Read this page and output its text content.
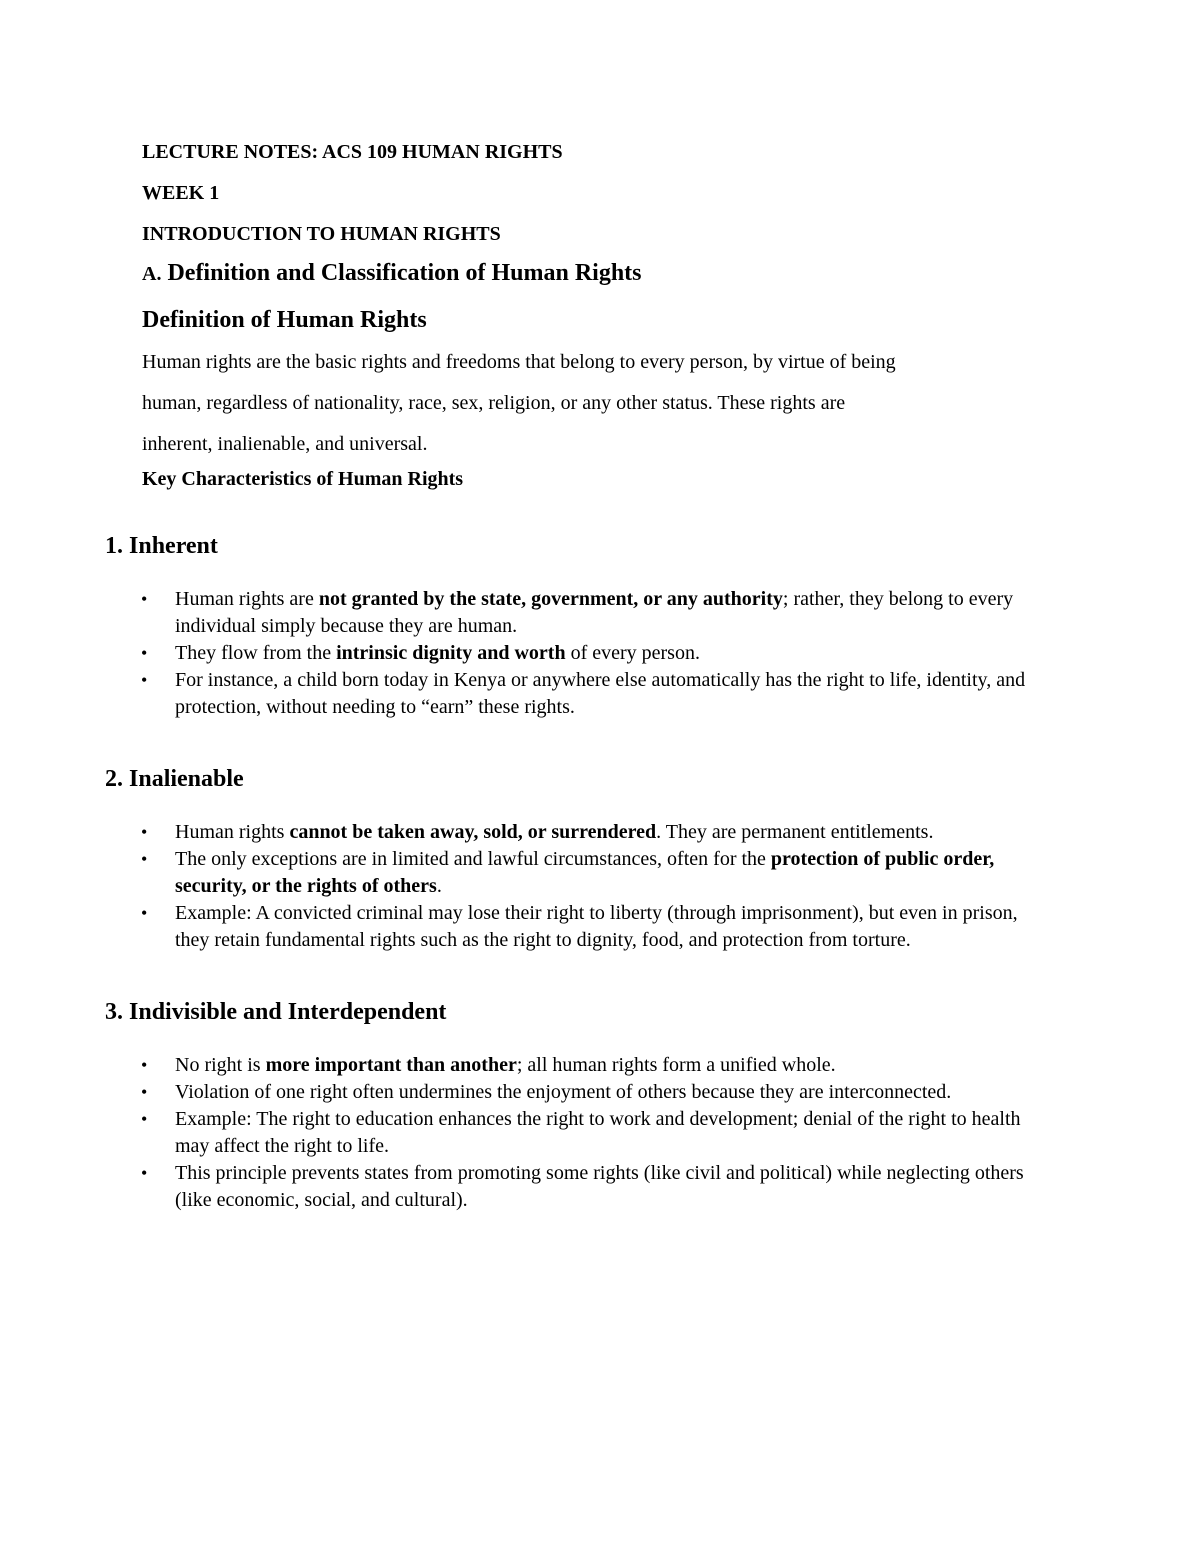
LECTURE NOTES: ACS 109 HUMAN RIGHTS
WEEK 1
INTRODUCTION TO HUMAN RIGHTS
A. Definition and Classification of Human Rights
Definition of Human Rights
Human rights are the basic rights and freedoms that belong to every person, by virtue of being
human, regardless of nationality, race, sex, religion, or any other status. These rights are
inherent, inalienable, and universal.
Key Characteristics of Human Rights
1. Inherent
• Human rights are not granted by the state, government, or any authority; rather, they belong to every individual simply because they are human.
• They flow from the intrinsic dignity and worth of every person.
• For instance, a child born today in Kenya or anywhere else automatically has the right to life, identity, and protection, without needing to “earn” these rights.
2. Inalienable
• Human rights cannot be taken away, sold, or surrendered. They are permanent entitlements.
• The only exceptions are in limited and lawful circumstances, often for the protection of public order, security, or the rights of others.
• Example: A convicted criminal may lose their right to liberty (through imprisonment), but even in prison, they retain fundamental rights such as the right to dignity, food, and protection from torture.
3. Indivisible and Interdependent
• No right is more important than another; all human rights form a unified whole.
• Violation of one right often undermines the enjoyment of others because they are interconnected.
• Example: The right to education enhances the right to work and development; denial of the right to health may affect the right to life.
• This principle prevents states from promoting some rights (like civil and political) while neglecting others (like economic, social, and cultural).
